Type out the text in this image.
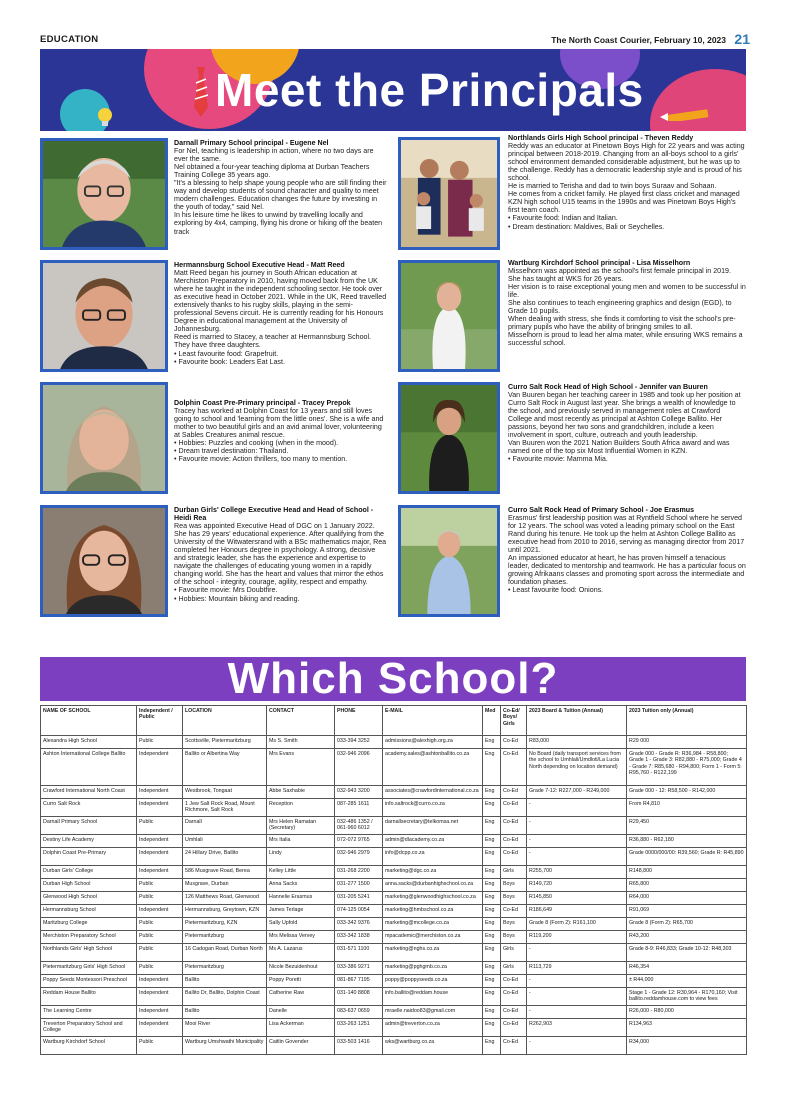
EDUCATION	The North Coast Courier, February 10, 2023 21
Meet the Principals

Darnall Primary School principal - Eugene Nel

For Nel, teaching is leadership in action, where no two days are ever the same.

Nel obtained a four-year teaching diploma at Durban Teachers Training College 35 years ago.

"It's a blessing to help shape young people who are still finding their way and develop students of sound character and quality to meet modern challenges. Education changes the future by investing in the youth of today," said Nel.

In his leisure time he likes to unwind by travelling locally and exploring by 4x4, camping, flying his drone or hiking off the beaten track

Hermannsburg School Executive Head - Matt Reed

Matt Reed began his journey in South African education at Merchiston Preparatory in 2010, having moved back from the UK where he taught in the independent schooling sector. He took over as executive head in October 2021. While in the UK, Reed travelled extensively thanks to his rugby skills, playing in the semi-professional Sevens circuit. He is currently reading for his Honours Degree in educational management at the University of Johannesburg.

Reed is married to Stacey, a teacher at Hermannsburg School. They have three daughters.

• Least favourite food: Grapefruit.

• Favourite book: Leaders Eat Last.

Dolphin Coast Pre-Primary principal - Tracey Prepok

Tracey has worked at Dolphin Coast for 13 years and still loves going to school and 'learning from the little ones'. She is a wife and mother to two beautiful girls and an avid animal lover, volunteering at Sables Creatures animal rescue.

• Hobbies: Puzzles and cooking (when in the mood).

• Dream travel destination: Thailand.

• Favourite movie: Action thrillers, too many to mention.

Durban Girls' College Executive Head and Head of School - Heidi Rea

Rea was appointed Executive Head of DGC on 1 January 2022. She has 29 years' educational experience. After qualifying from the University of the Witwatersrand with a BSc mathematics major, Rea completed her Honours degree in psychology. A strong, decisive and strategic leader, she has the experience and expertise to navigate the challenges of educating young women in a rapidly changing world. She has the heart and values that mirror the ethos of the school - integrity, courage, agility, respect and empathy.

• Favourite movie: Mrs Doubtfire.

• Hobbies: Mountain biking and reading.

Northlands Girls High School principal - Theven Reddy

Reddy was an educator at Pinetown Boys High for 22 years and was acting principal between 2018-2019. Changing from an all-boys school to a girls' school environment demanded considerable adjustment, but he was up to the challenge. Reddy has a democratic leadership style and is proud of his school.

He is married to Terisha and dad to twin boys Suraav and Sohaan.

He comes from a cricket family. He played first class cricket and managed KZN high school U15 teams in the 1990s and was Pinetown Boys High's first team coach.

• Favourite food: Indian and Italian.

• Dream destination: Maldives, Bali or Seychelles.

Wartburg Kirchdorf School principal - Lisa Misselhorn

Misselhorn was appointed as the school's first female principal in 2019.

She has taught at WKS for 26 years.

Her vision is to raise exceptional young men and women to be successful in life.

She also continues to teach engineering graphics and design (EGD), to Grade 10 pupils.

When dealing with stress, she finds it comforting to visit the school's pre-primary pupils who have the ability of bringing smiles to all.

Misselhorn is proud to lead her alma mater, while ensuring WKS remains a successful school.

Curro Salt Rock Head of High School - Jennifer van Buuren

Van Buuren began her teaching career in 1985 and took up her position at Curro Salt Rock in August last year. She brings a wealth of knowledge to the school, and previously served in management roles at Crawford College and most recently as principal at Ashton College Ballito. Her passions, beyond her two sons and grandchildren, include a keen involvement in sport, culture, outreach and youth leadership.

Van Buuren won the 2021 Nation Builders South Africa award and was named one of the top six Most Influential Women in KZN.

• Favourite movie: Mamma Mia.

Curro Salt Rock Head of Primary School - Joe Erasmus

Erasmus' first leadership position was at Ryntfield School where he served for 12 years. The school was voted a leading primary school on the East Rand during his tenure. He took up the helm at Ashton College Ballito as executive head from 2010 to 2016, serving as managing director from 2017 until 2021.

An impassioned educator at heart, he has proven himself a tenacious leader, dedicated to mentorship and teamwork. He has a particular focus on growing Afrikaans classes and promoting sport across the intermediate and foundation phases.

• Least favourite food: Onions.

Which School?
NAME OF SCHOOL	Independent / Public	LOCATION	CONTACT	PHONE	E-MAIL	Med	Co-Ed/ Boys/ Girls	2023 Board & Tuition (Annual)	2023 Tuition only (Annual)
Alexandra High School	Public	Scottsville, Pietermaritzburg	Ms S. Smith	033-394 3252	admissions@alexhigh.org.za	Eng	Co-Ed	R83,000	R29 000
Ashton International College Ballito	Independent	Ballito or Albertina Way	Mrs Evans	032-946 2096	academy.sales@ashtonballito.co.za	Eng	Co-Ed	No Board (daily transport services from the school to Umhlali/Umdloti/La Lucia North depending on location demand)	Grade 000 - Grade R: R36,984 - R58,800; Grade 1 - Grade 3: R82,880 - R75,000; Grade 4 - Grade 7: R85,680 - R94,800; Form 1 - Form 5: R95,760 - R122,199
Crawford International North Coast	Independent	Westbrook, Tongaat	Abbe Saxhabie	032-943 3200	associates@crawfordinternational.co.za	Eng	Co-Ed	Grade 7-12: R227,000 - R249,000	Grade 000 - 12: R58,500 - R142,000
Curro Salt Rock	Independent	1 Jew Salt Rock Road, Mount Richmore, Salt Rock	Reception	087-285 1611	info.saltrock@curro.co.za	Eng	Co-Ed	-	From R4,810
Darnall Primary School	Public	Darnall	Mrs Helen Ramatan (Secretary)	032-486 1352 / 061-960 6012	darnallsecretary@telkomsa.net	Eng	Co-Ed	-	R29,450
Destiny Life Academy	Independent	Umhlali	Mrs Italia	072-072 9765	admin@dlacademy.co.za	Eng	Co-Ed	-	R36,880 - R62,180
Dolphin Coast Pre-Primary	Independent	24 Hillary Drive, Ballito	Lindy	032-946 2979	info@dcpp.co.za	Eng	Co-Ed	-	Grade 0000/000/00: R39,560; Grade R: R45,890
Durban Girls' College	Independent	586 Musgrave Road, Berea	Kelley Little	031-268 2200	marketing@dgc.co.za	Eng	Girls	R255,700	R148,800
Durban High School	Public	Musgrave, Durban	Anna Sacks	031-277 1500	anna.sacks@durbanhighschool.co.za	Eng	Boys	R149,720	R65,800
Glenwood High School	Public	126 Matthews Road, Glenwood	Hannelie Erasmus	031-205 5241	marketing@glenwoodhighschool.co.za	Eng	Boys	R145,850	R64,000
Hermannsburg School	Independent	Hermannsburg, Greytown, KZN	James Terlage	074-125 0054	marketing@hmbschool.co.za	Eng	Co-Ed	R186,649	R91,069
Maritzburg College	Public	Pietermaritzburg, KZN	Sally Upfold	033-342 9376	marketing@mcollege.co.za	Eng	Boys	Grade 8 (Form 2): R161,100	Grade 8 (Form 2): R65,700
Merchiston Preparatory School	Public	Pietermaritzburg	Mrs Melissa Vervey	033-342 1838	mpacademic@merchiston.co.za	Eng	Boys	R119,200	R43,200
Northlands Girls' High School	Public	16 Cadogan Road, Durban North	Ms A. Lazarus	031-571 1100	marketing@nghs.co.za	Eng	Girls	-	Grade 8-9: R46,833; Grade 10-12: R48,303
Pietermaritzburg Girls' High School	Public	Pietermaritzburg	Nicole Bezuidenhout	033-386 9271	marketing@pghgmb.co.za	Eng	Girls	R113,729	R46,354
Poppy Seeds Montessori Preschool	Independent	Ballito	Poppy Poretti	081-867 7195	poppy@poppyseeds.co.za	Eng	Co-Ed	-	± R44,000
Reddam House Ballito	Independent	Ballito Dr, Ballito, Dolphin Coast	Catherine Raw	031-140 8808	info.ballito@reddam.house	Eng	Co-Ed	-	Stage 1 - Grade 12: R30,964 - R170,160; Visit ballito.reddamhouse.com to view fees
The Learning Centre	Independent	Ballito	Danelle	083-637 0659	mraelle.naidoo83@gmail.com	Eng	Co-Ed	-	R26,000 - R80,000
Treverton Preparatory School and College	Independent	Mooi River	Lisa Ackerman	033-263 1251	admin@treverton.co.za	Eng	Co-Ed	R262,903	R134,963
Wartburg Kirchdorf School	Public	Wartburg Umshwathi Municipality	Caitlin Govender	033-503 1416	wks@wartburg.co.za	Eng	Co-Ed	-	R34,000
